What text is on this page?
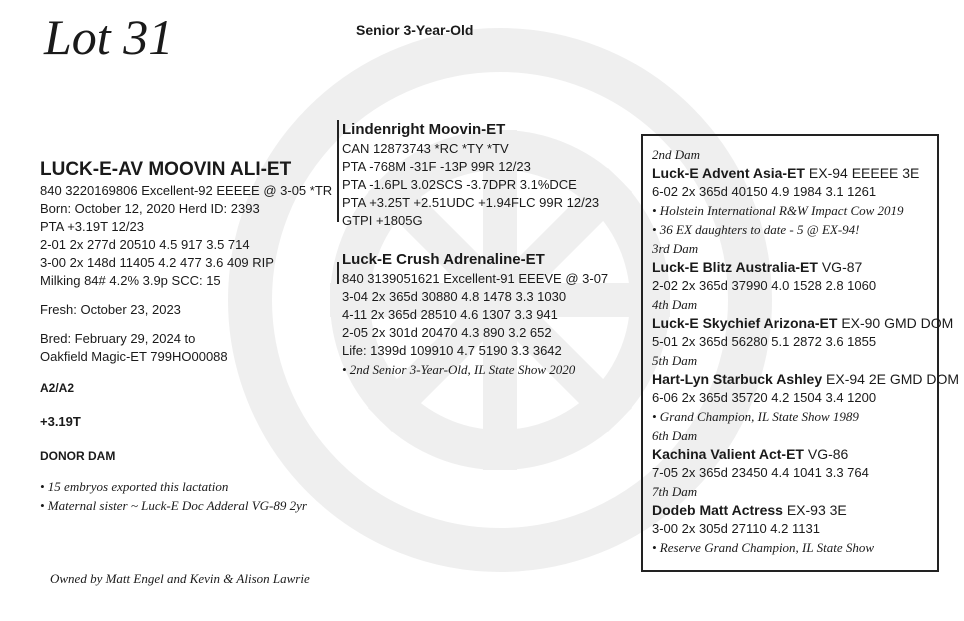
Lot 31	Senior 3-Year-Old
LUCK-E-AV MOOVIN ALI-ET
840 3220169806 Excellent-92 EEEEE @ 3-05 *TR
Born: October 12, 2020 Herd ID: 2393
PTA +3.19T 12/23
2-01 2x 277d 20510 4.5 917 3.5 714
3-00 2x 148d 11405 4.2 477 3.6 409 RIP
Milking 84# 4.2% 3.9p SCC: 15
Fresh: October 23, 2023
Bred: February 29, 2024 to
Oakfield Magic-ET 799HO00088
A2/A2
+3.19T
DONOR DAM
• 15 embryos exported this lactation
• Maternal sister ~ Luck-E Doc Adderal VG-89 2yr
Lindenright Moovin-ET
CAN 12873743 *RC *TY *TV
PTA -768M -31F -13P 99R 12/23
PTA -1.6PL 3.02SCS -3.7DPR 3.1%DCE
PTA +3.25T +2.51UDC +1.94FLC 99R 12/23
GTPI +1805G
Luck-E Crush Adrenaline-ET
840 3139051621 Excellent-91 EEEVE @ 3-07
3-04 2x 365d 30880 4.8 1478 3.3 1030
4-11 2x 365d 28510 4.6 1307 3.3 941
2-05 2x 301d 20470 4.3 890 3.2 652
Life: 1399d 109910 4.7 5190 3.3 3642
• 2nd Senior 3-Year-Old, IL State Show 2020
2nd Dam
Luck-E Advent Asia-ET EX-94 EEEEE 3E
6-02 2x 365d 40150 4.9 1984 3.1 1261
• Holstein International R&W Impact Cow 2019
• 36 EX daughters to date - 5 @ EX-94!
3rd Dam
Luck-E Blitz Australia-ET VG-87
2-02 2x 365d 37990 4.0 1528 2.8 1060
4th Dam
Luck-E Skychief Arizona-ET EX-90 GMD DOM
5-01 2x 365d 56280 5.1 2872 3.6 1855
5th Dam
Hart-Lyn Starbuck Ashley EX-94 2E GMD DOM
6-06 2x 365d 35720 4.2 1504 3.4 1200
• Grand Champion, IL State Show 1989
6th Dam
Kachina Valient Act-ET VG-86
7-05 2x 365d 23450 4.4 1041 3.3 764
7th Dam
Dodeb Matt Actress EX-93 3E
3-00 2x 305d 27110 4.2 1131
• Reserve Grand Champion, IL State Show
Owned by Matt Engel and Kevin & Alison Lawrie
